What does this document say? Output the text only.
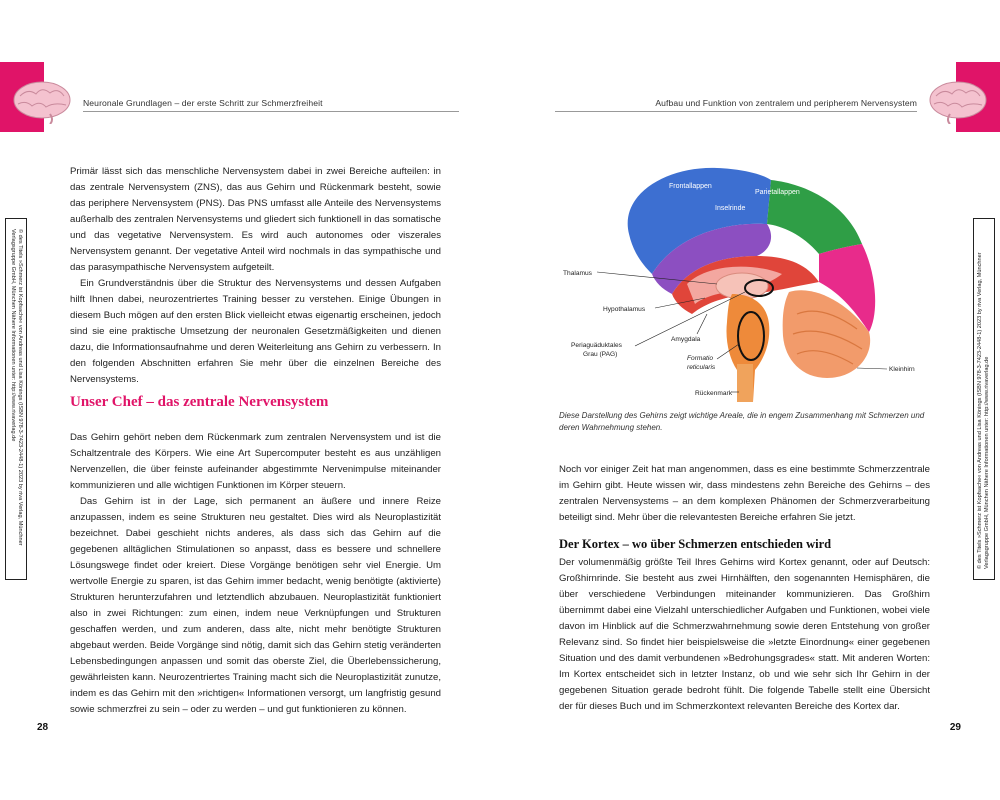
Neuronale Grundlagen – der erste Schritt zur Schmerzfreiheit	Aufbau und Funktion von zentralem und peripherem Nervensystem

Primär lässt sich das menschliche Nervensystem dabei in zwei Bereiche aufteilen: in das zentrale Nervensystem (ZNS), das aus Gehirn und Rückenmark besteht, sowie das periphere Nervensystem (PNS). Das PNS umfasst alle Anteile des Nervensystems außerhalb des zentralen Nervensystems und gliedert sich funktionell in das somatische und das vegetative Nervensystem. Es wird auch autonomes oder viszerales Nervensystem genannt. Der vegetative Anteil wird nochmals in das sympathische und das parasympathische Nervensystem aufgeteilt.

Ein Grundverständnis über die Struktur des Nervensystems und dessen Aufgaben hilft Ihnen dabei, neurozentriertes Training besser zu verstehen. Einige Übungen in diesem Buch mögen auf den ersten Blick vielleicht etwas eigenartig erscheinen, jedoch sind sie eine praktische Umsetzung der neuronalen Gesetzmäßigkeiten und dienen dazu, die Informationsaufnahme und deren Weiterleitung ans Gehirn zu verbessern. In den folgenden Abschnitten erfahren Sie mehr über die einzelnen Bereiche des Nervensystems.

Unser Chef – das zentrale Nervensystem

Das Gehirn gehört neben dem Rückenmark zum zentralen Nervensystem und ist die Schaltzentrale des Körpers. Wie eine Art Supercomputer besteht es aus unzähligen Nervenzellen, die über feinste aufeinander abgestimmte Nervenimpulse miteinander kommunizieren und alle wichtigen Funktionen im Körper steuern.

Das Gehirn ist in der Lage, sich permanent an äußere und innere Reize anzupassen, indem es seine Strukturen neu gestaltet. Dies wird als Neuroplastizität bezeichnet. Dabei geschieht nichts anderes, als dass sich das Gehirn auf die gegebenen alltäglichen Stimulationen so anpasst, dass es bessere und schnellere Lösungswege findet oder kreiert. Diese Vorgänge benötigen sehr viel Energie. Um wertvolle Energie zu sparen, ist das Gehirn immer bedacht, wenig benötigte (aktivierte) Strukturen herunterzufahren und letztendlich abzubauen. Neuroplastizität funktioniert also in zwei Richtungen: zum einen, indem neue Verknüpfungen und Strukturen geschaffen werden, und zum anderen, dass alte, nicht mehr benötigte Strukturen abgebaut werden. Beide Vorgänge sind nötig, damit sich das Gehirn stetig veränderten Lebensbedingungen anpassen und somit das oberste Ziel, die Überlebenssicherung, gewährleisten kann. Neurozentriertes Training macht sich die Neuroplastizität zunutze, indem es das Gehirn mit den »richtigen« Informationen versorgt, um langfristig gesund sowie schmerzfrei zu sein – oder zu werden – und gut funktionieren zu können.

Frontallappen
Parietallappen
Inselrinde
Thalamus
Hypothalamus
Amygdala
Periaguäduktales
Grau (PAG)
Formatio
reticularis	Kleinhirn
Rückenmark
Diese Darstellung des Gehirns zeigt wichtige Areale, die in engem Zusammenhang mit Schmerzen und deren Wahrnehmung stehen.

Noch vor einiger Zeit hat man angenommen, dass es eine bestimmte Schmerzzentrale im Gehirn gibt. Heute wissen wir, dass mindestens zehn Bereiche des Gehirns – des zentralen Nervensystems – an dem komplexen Phänomen der Schmerzverarbeitung beteiligt sind. Mehr über die relevantesten Bereiche erfahren Sie jetzt.

Der Kortex – wo über Schmerzen entschieden wird

Der volumenmäßig größte Teil Ihres Gehirns wird Kortex genannt, oder auf Deutsch: Großhirnrinde. Sie besteht aus zwei Hirnhälften, den sogenannten Hemisphären, die über verschiedene Verbindungen miteinander kommunizieren. Das Großhirn übernimmt dabei eine Vielzahl unterschiedlicher Aufgaben und Funktionen, wobei viele davon im Hinblick auf die Schmerzwahrnehmung sowie deren Entstehung von großer Relevanz sind. So findet hier beispielsweise die »letzte Einordnung« einer gegebenen Situation und des damit verbundenen »Bedrohungsgrades« statt. Mit anderen Worten: Im Kortex entscheidet sich in letzter Instanz, ob und wie sehr sich Ihr Gehirn in der gegebenen Situation gerade bedroht fühlt. Die folgende Tabelle stellt eine Übersicht der für dieses Buch und im Schmerzkontext relevanten Bereiche des Kortex dar.

28	29
© des Titels »Schmerz ist Kopfsache« von Andreas und Lisa Könings (ISBN 978-3-7423-2448-1) 2023 by riva Verlag, Münchner Verlagsgruppe GmbH, München Nähere Informationen unter: http://www.rivaverlag.de	© des Titels »Schmerz ist Kopfsache« von Andreas und Lisa Könings (ISBN 978-3-7423-2448-1) 2023 by riva Verlag, Münchner Verlagsgruppe GmbH, München Nähere Informationen unter: http://www.rivaverlag.de
